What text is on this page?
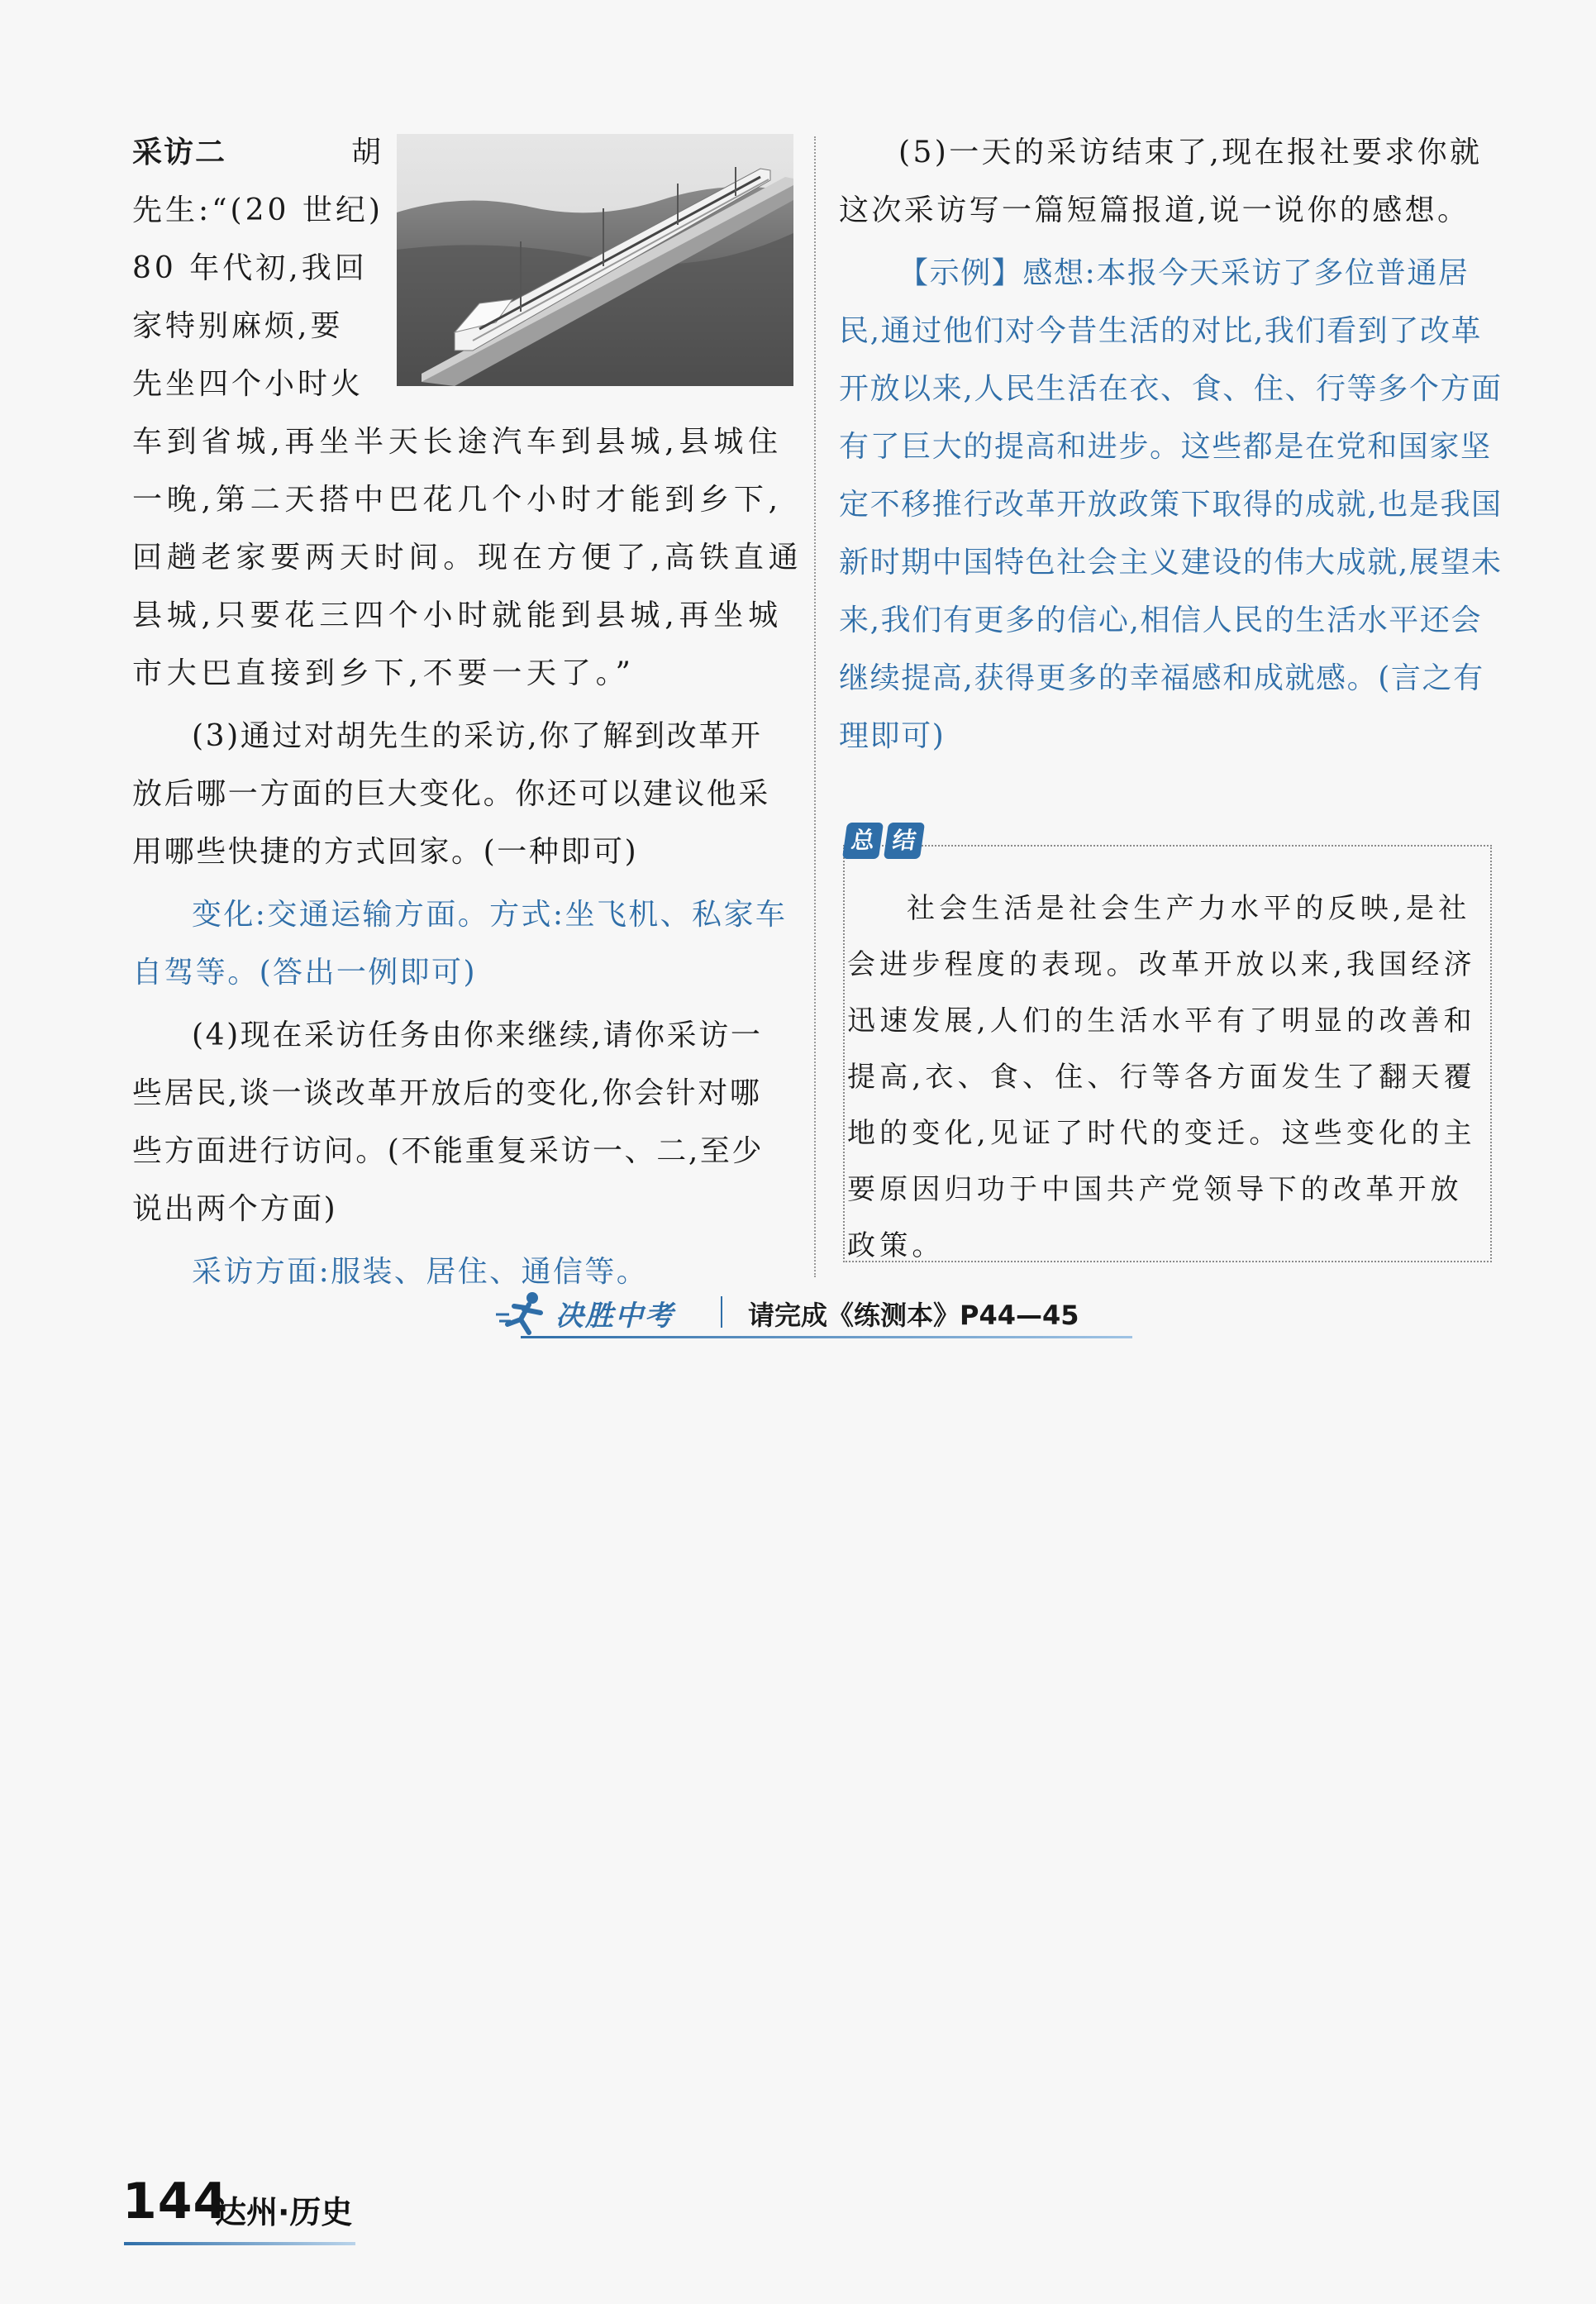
采访二	胡

先生:“(20 世纪)

80 年代初,我回

家特别麻烦,要

先坐四个小时火

车到省城,再坐半天长途汽车到县城,县城住

一晚,第二天搭中巴花几个小时才能到乡下,

回趟老家要两天时间。现在方便了,高铁直通

县城,只要花三四个小时就能到县城,再坐城

市大巴直接到乡下,不要一天了。”

(3)通过对胡先生的采访,你了解到改革开放后哪一方面的巨大变化。你还可以建议他采用哪些快捷的方式回家。(一种即可)

变化:交通运输方面。方式:坐飞机、私家车自驾等。(答出一例即可)

(4)现在采访任务由你来继续,请你采访一些居民,谈一谈改革开放后的变化,你会针对哪些方面进行访问。(不能重复采访一、二,至少说出两个方面)

采访方面:服装、居住、通信等。

(5)一天的采访结束了,现在报社要求你就这次采访写一篇短篇报道,说一说你的感想。

【示例】感想:本报今天采访了多位普通居民,通过他们对今昔生活的对比,我们看到了改革开放以来,人民生活在衣、食、住、行等多个方面有了巨大的提高和进步。这些都是在党和国家坚定不移推行改革开放政策下取得的成就,也是我国新时期中国特色社会主义建设的伟大成就,展望未来,我们有更多的信心,相信人民的生活水平还会继续提高,获得更多的幸福感和成就感。(言之有理即可)

总 结

社会生活是社会生产力水平的反映,是社会进步程度的表现。改革开放以来,我国经济迅速发展,人们的生活水平有了明显的改善和提高,衣、食、住、行等各方面发生了翻天覆地的变化,见证了时代的变迁。这些变化的主要原因归功于中国共产党领导下的改革开放政策。

决胜中考	请完成《练测本》P44—45
144
达州·历史
